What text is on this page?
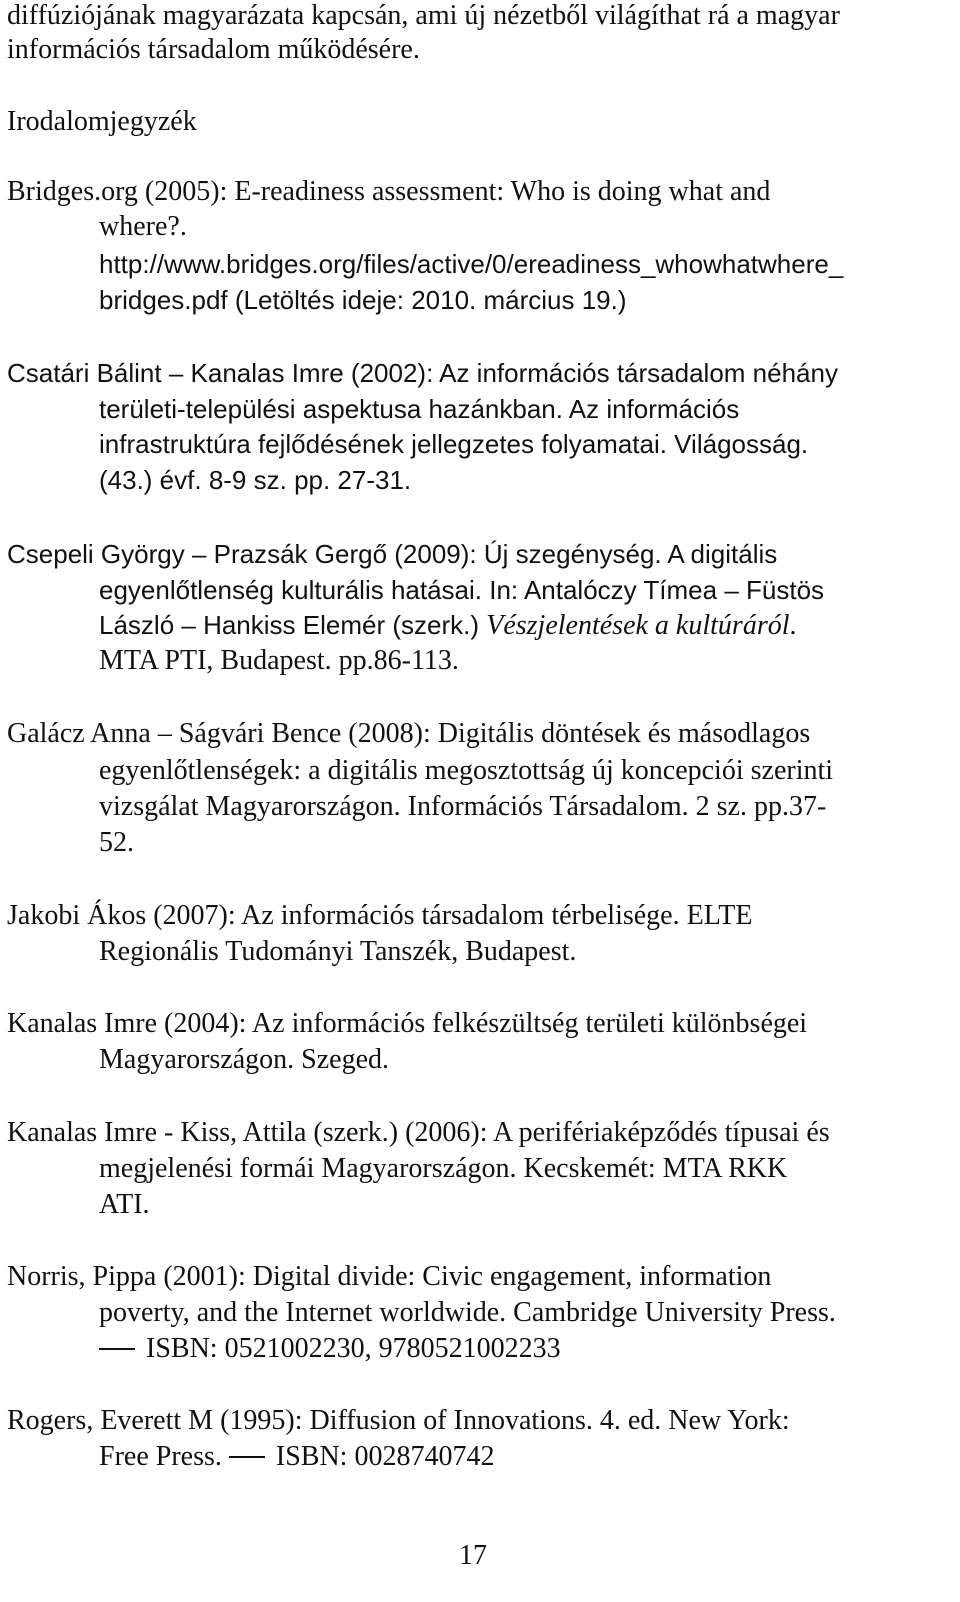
diffúziójának magyarázata kapcsán, ami új nézetből világíthat rá a magyar
információs társadalom működésére.
Irodalomjegyzék
Bridges.org (2005): E-readiness assessment: Who is doing what and
where?.
http://www.bridges.org/files/active/0/ereadiness_whowhatwhere_
bridges.pdf (Letöltés ideje: 2010. március 19.)
Csatári Bálint – Kanalas Imre (2002): Az információs társadalom néhány
területi-települési aspektusa hazánkban. Az információs
infrastruktúra fejlődésének jellegzetes folyamatai. Világosság.
(43.) évf. 8-9 sz. pp. 27-31.
Csepeli György – Prazsák Gergő (2009): Új szegénység. A digitális
egyenlőtlenség kulturális hatásai. In: Antalóczy Tímea – Füstös
László – Hankiss Elemér (szerk.) Vészjelentések a kultúráról.
MTA PTI, Budapest. pp.86-113.
Galácz Anna – Ságvári Bence (2008): Digitális döntések és másodlagos
egyenlőtlenségek: a digitális megosztottság új koncepciói szerinti
vizsgálat Magyarországon. Információs Társadalom. 2 sz. pp.37-
52.
Jakobi Ákos (2007): Az információs társadalom térbelisége. ELTE
Regionális Tudományi Tanszék, Budapest.
Kanalas Imre (2004): Az információs felkészültség területi különbségei
Magyarországon. Szeged.
Kanalas Imre - Kiss, Attila (szerk.) (2006): A perifériaképződés típusai és
megjelenési formái Magyarországon. Kecskemét: MTA RKK
ATI.
Norris, Pippa (2001): Digital divide: Civic engagement, information
poverty, and the Internet worldwide. Cambridge University Press.
ISBN: 0521002230, 9780521002233
Rogers, Everett M (1995): Diffusion of Innovations. 4. ed. New York:
Free Press. ISBN: 0028740742
17
